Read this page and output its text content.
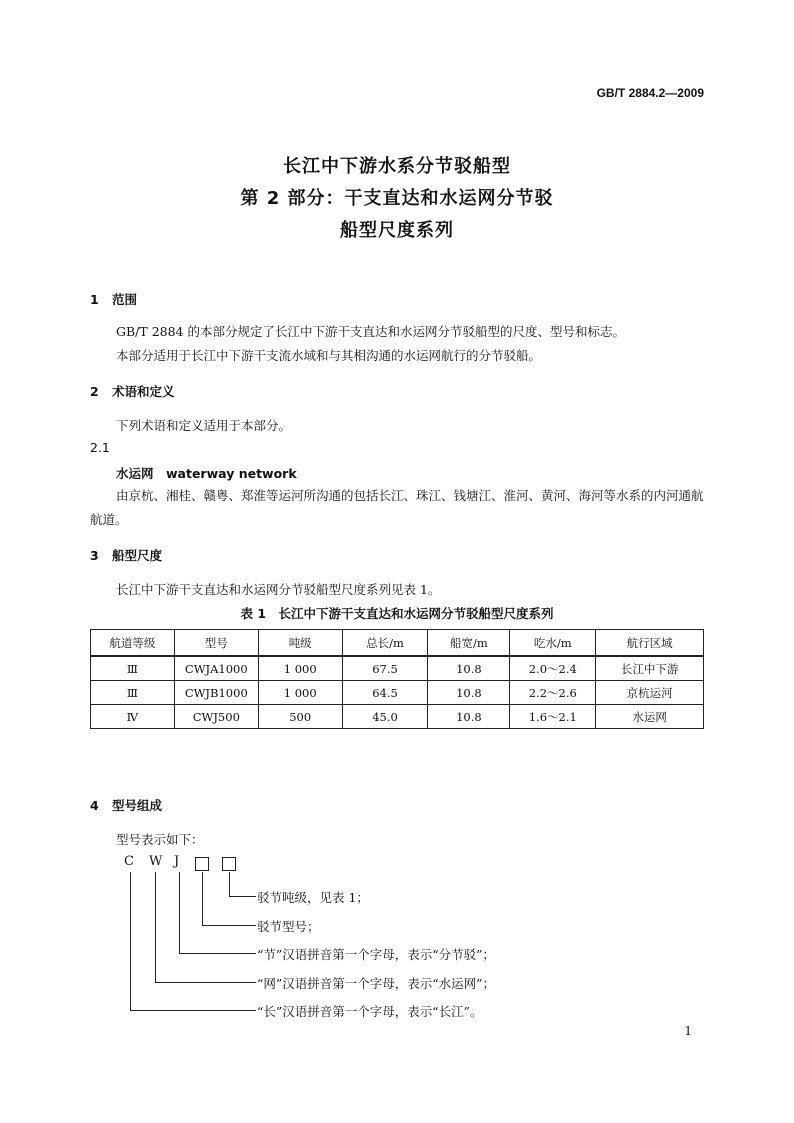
GB/T 2884.2—2009
长江中下游水系分节驳船型
第 2 部分：干支直达和水运网分节驳
船型尺度系列
1 范围
GB/T 2884 的本部分规定了长江中下游干支直达和水运网分节驳船型的尺度、型号和标志。
本部分适用于长江中下游干支流水域和与其相沟通的水运网航行的分节驳船。
2 术语和定义
下列术语和定义适用于本部分。
2.1
水运网　waterway network
由京杭、湘桂、赣粤、郑淮等运河所沟通的包括长江、珠江、钱塘江、淮河、黄河、海河等水系的内河通航航道。
3 船型尺度
长江中下游干支直达和水运网分节驳船型尺度系列见表 1。
表 1　长江中下游干支直达和水运网分节驳船型尺度系列
航道等级	型号	吨级	总长/m	船宽/m	吃水/m	航行区域
Ⅲ	CWJA1000	1 000	67.5	10.8	2.0～2.4	长江中下游
Ⅲ	CWJB1000	1 000	64.5	10.8	2.2～2.6	京杭运河
Ⅳ	CWJ500	500	45.0	10.8	1.6～2.1	水运网
4 型号组成
型号表示如下：
C W J
驳节吨级，见表 1；
驳节型号；
“节”汉语拼音第一个字母，表示“分节驳”；
“网”汉语拼音第一个字母，表示“水运网”；
“长”汉语拼音第一个字母，表示“长江”。
1
